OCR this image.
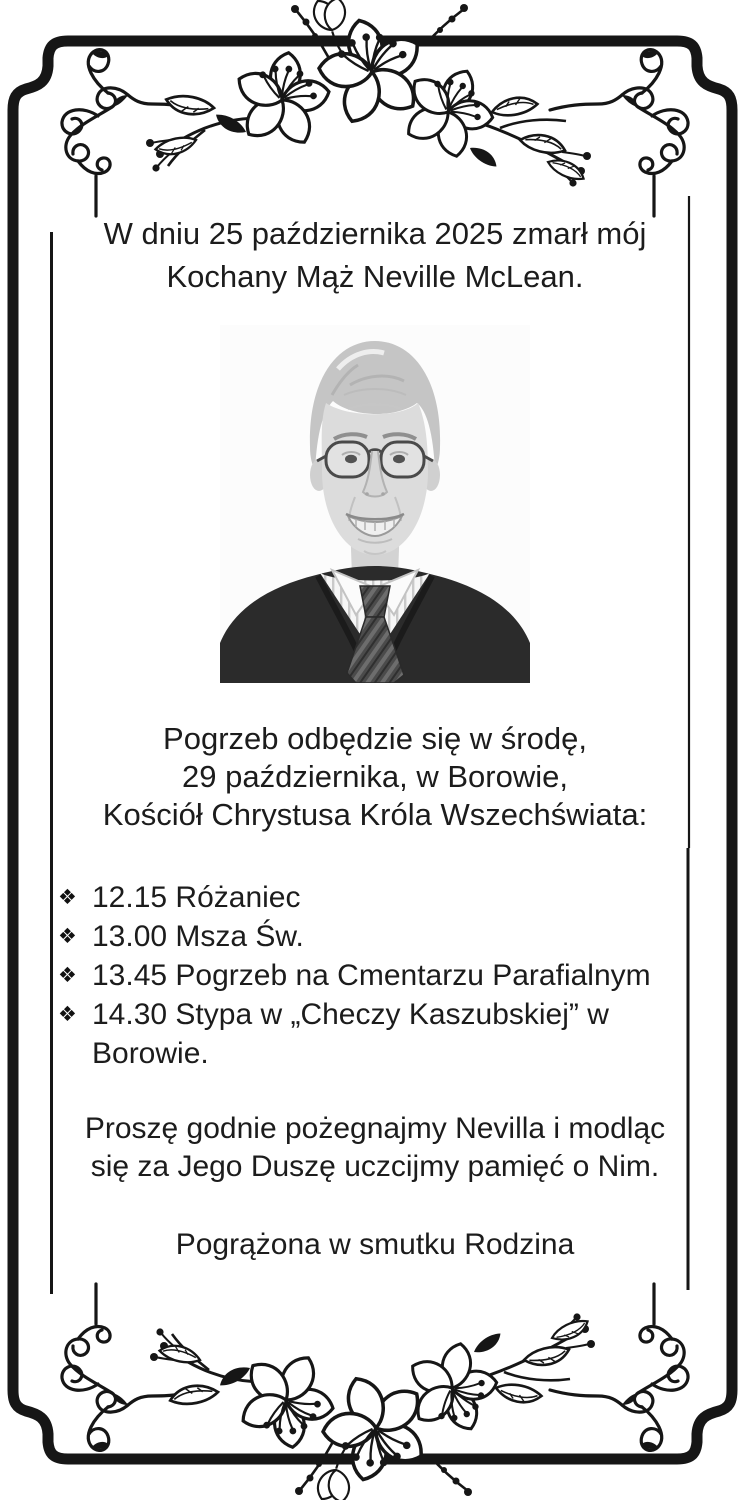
W dniu 25 października 2025 zmarł mój
Kochany Mąż Neville McLean.
Pogrzeb odbędzie się w środę,
29 października, w Borowie,
Kościół Chrystusa Króla Wszechświata:
❖ 12.15 Różaniec
❖ 13.00 Msza Św.
❖ 13.45 Pogrzeb na Cmentarzu Parafialnym
❖ 14.30 Stypa w „Checzy Kaszubskiej” w Borowie.
Proszę godnie pożegnajmy Nevilla i modląc
się za Jego Duszę uczcijmy pamięć o Nim.
Pogrążona w smutku Rodzina
